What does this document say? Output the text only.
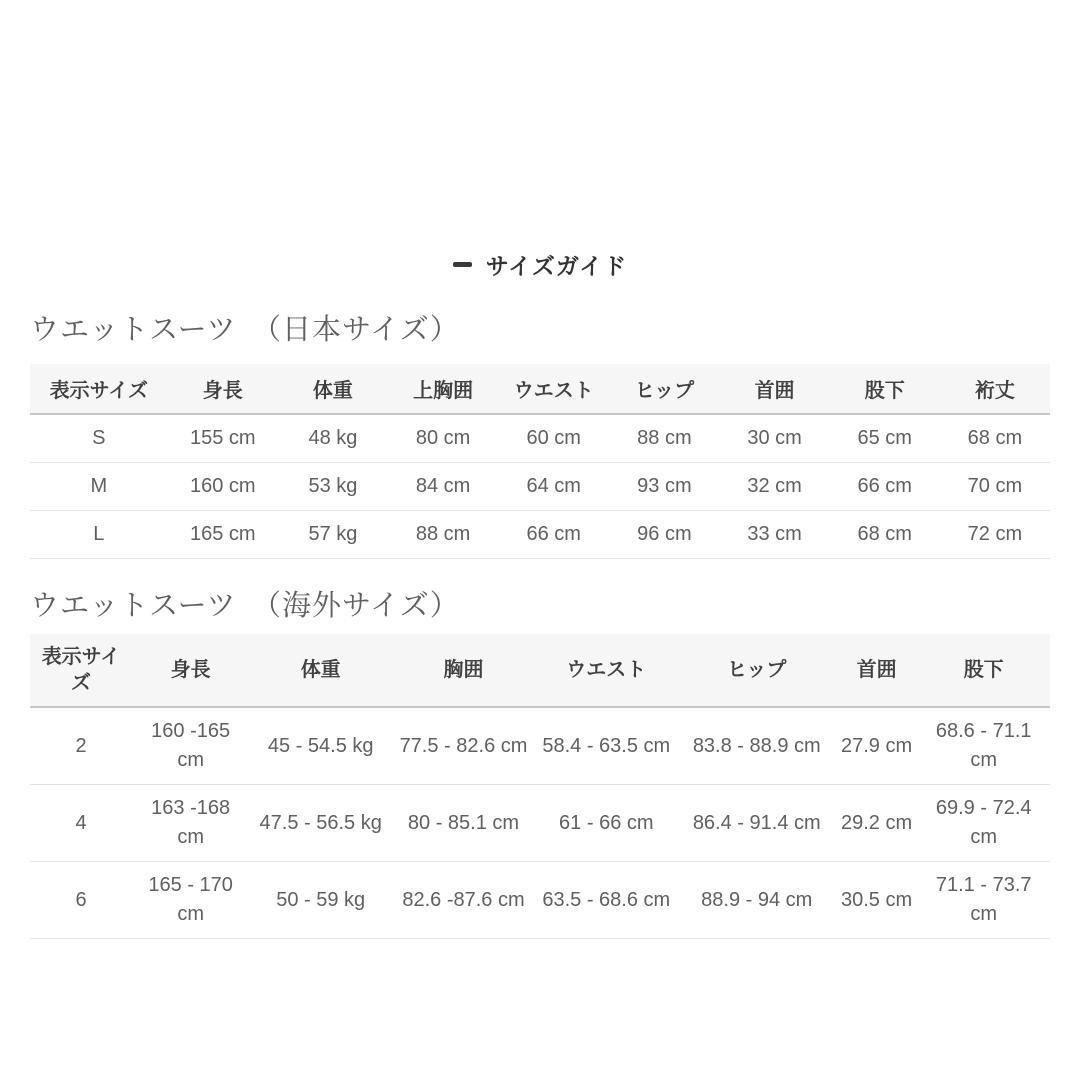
サイズガイド
ウエットスーツ　（日本サイズ）
表示サイズ	身長	体重	上胸囲	ウエスト	ヒップ	首囲	股下	裄丈
S	155 cm	48 kg	80 cm	60 cm	88 cm	30 cm	65 cm	68 cm
M	160 cm	53 kg	84 cm	64 cm	93 cm	32 cm	66 cm	70 cm
L	165 cm	57 kg	88 cm	66 cm	96 cm	33 cm	68 cm	72 cm
ウエットスーツ　（海外サイズ）
表示サイズ	身長	体重	胸囲	ウエスト	ヒップ	首囲	股下
2	160 -165 cm	45 - 54.5 kg	77.5 - 82.6 cm	58.4 - 63.5 cm	83.8 - 88.9 cm	27.9 cm	68.6 - 71.1 cm
4	163 -168 cm	47.5 - 56.5 kg	80 - 85.1 cm	61 - 66 cm	86.4 - 91.4 cm	29.2 cm	69.9 - 72.4 cm
6	165 - 170 cm	50 - 59 kg	82.6 -87.6 cm	63.5 - 68.6 cm	88.9 - 94 cm	30.5 cm	71.1 - 73.7 cm
